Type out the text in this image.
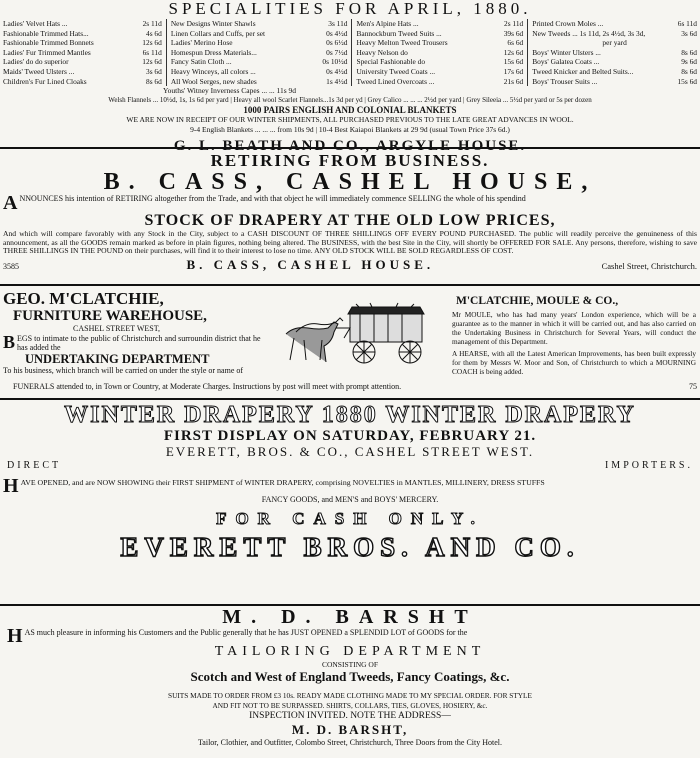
SPECIALITIES FOR APRIL, 1880.
Ladies' Velvet Hats ...	2s 11d
Fashionable Trimmed Hats...	4s 6d
Fashionable Trimmed Bonnets	12s 6d
Ladies' Fur Trimmed Mantles	6s 11d
Ladies' do do superior	12s 6d
Maids' Tweed Ulsters ...	3s 6d
Children's Fur Lined Cloaks	8s 6d
New Designs Winter Shawls	3s 11d
Linen Collars and Cuffs, per set	0s 4½d
Ladies' Merino Hose	0s 6½d
Homespun Dress Materials...	0s 7½d
Fancy Satin Cloth ...	0s 10½d
Heavy Winceys, all colors ...	0s 4½d
All Wool Serges, new shades	1s 4½d
Men's Alpine Hats ...	2s 11d
Bannockburn Tweed Suits ...	39s 6d
Heavy Melton Tweed Trousers	6s 6d
Heavy Nelson do	12s 6d
Special Fashionable do	15s 6d
University Tweed Coats ...	17s 6d
Tweed Lined Overcoats ...	21s 6d
Printed Crown Moles ...	6s 11d
New Tweeds ... 1s 11d, 2s 4½d, 3s 3d,	3s 6d
per yard
Boys' Winter Ulsters ...	8s 6d
Boys' Galatea Coats ...	9s 6d
Tweed Knicker and Belted Suits...	8s 6d
Boys' Trouser Suits ...	15s 6d
Youths' Witney Inverness Capes ... ... 11s 9d
Welsh Flannels ... 10½d, 1s, 1s 6d per yard | Heavy all wool Scarlet Flannels...1s 3d per yd | Grey Calico ... ... ... 2½d per yard | Grey Sileeia ... 5½d per yard or 5s per dozen
1000 PAIRS ENGLISH AND COLONIAL BLANKETS
WE ARE NOW IN RECEIPT OF OUR WINTER SHIPMENTS, ALL PURCHASED PREVIOUS TO THE LATE GREAT ADVANCES IN WOOL.
9-4 English Blankets ... ... ... from 10s 9d | 10-4 Best Kaiapoi Blankets at 29 9d (usual Town Price 37s 6d.)
G. L. BEATH AND CO., ARGYLE HOUSE.
RETIRING FROM BUSINESS.
B. CASS, CASHEL HOUSE,
A NNOUNCES his intention of RETIRING altogether from the Trade, and with that object he will immediately commence SELLING the whole of his spendind
STOCK OF DRAPERY AT THE OLD LOW PRICES,
And which will compare favorably with any Stock in the City, subject to a CASH DISCOUNT OF THREE SHILLINGS OFF EVERY POUND PURCHASED. The public will readily perceive the genuineness of this announcement, as all the GOODS remain marked as before in plain figures, nothing being altered. The BUSINESS, with the best Site in the City, will shortly be OFFERED FOR SALE. Any persons, therefore, wishing to save THREE SHILLINGS IN THE POUND on their purchases, will find it to their interest to lose no time. ANY OLD STOCK WILL BE SOLD REGARDLESS OF COST.
3585	B. CASS, CASHEL HOUSE.	Cashel Street, Christchurch.
GEO. M'CLATCHIE,
FURNITURE WAREHOUSE,
CASHEL STREET WEST,
BEGS to intimate to the public of Christchurch and surroundin district that he has added the
UNDERTAKING DEPARTMENT
To his business, which branch will be carried on under the style or name of
M'CLATCHIE, MOULE & CO.,
Mr MOULE, who has had many years' London experience, which will be a guarantee as to the manner in which it will be carried out, and has also carried on the Undertaking Business in Christchurch for Several Years, will conduct the management of this Department.
A HEARSE, with all the Latest American Improvements, has been built expressly for them by Messrs W. Moor and Son, of Christchurch to which a MOURNING COACH is being added.
FUNERALS attended to, in Town or Country, at Moderate Charges. Instructions by post will meet with prompt attention.	75
WINTER DRAPERY 1880 WINTER DRAPERY
FIRST DISPLAY ON SATURDAY, FEBRUARY 21.
EVERETT, BROS. & CO., CASHEL STREET WEST.
DIRECT	IMPORTERS.
HAVE OPENED, and are NOW SHOWING their FIRST SHIPMENT of WINTER DRAPERY, comprising NOVELTIES in MANTLES, MILLINERY, DRESS STUFFS
FANCY GOODS, and MEN'S and BOYS' MERCERY.
FOR CASH ONLY.
EVERETT BROS. AND CO.
M. D. BARSHT
HAS much pleasure in informing his Customers and the Public generally that he has JUST OPENED a SPLENDID LOT of GOODS for the
TAILORING DEPARTMENT
CONSISTING OF
Scotch and West of England Tweeds, Fancy Coatings, &c.
SUITS MADE TO ORDER FROM £3 10s. READY MADE CLOTHING MADE TO MY SPECIAL ORDER. FOR STYLE
AND FIT NOT TO BE SURPASSED. SHIRTS, COLLARS, TIES, GLOVES, HOSIERY, &c.
INSPECTION INVITED. NOTE THE ADDRESS—
M. D. BARSHT,
Tailor, Clothier, and Outfitter, Colombo Street, Christchurch, Three Doors from the City Hotel.
